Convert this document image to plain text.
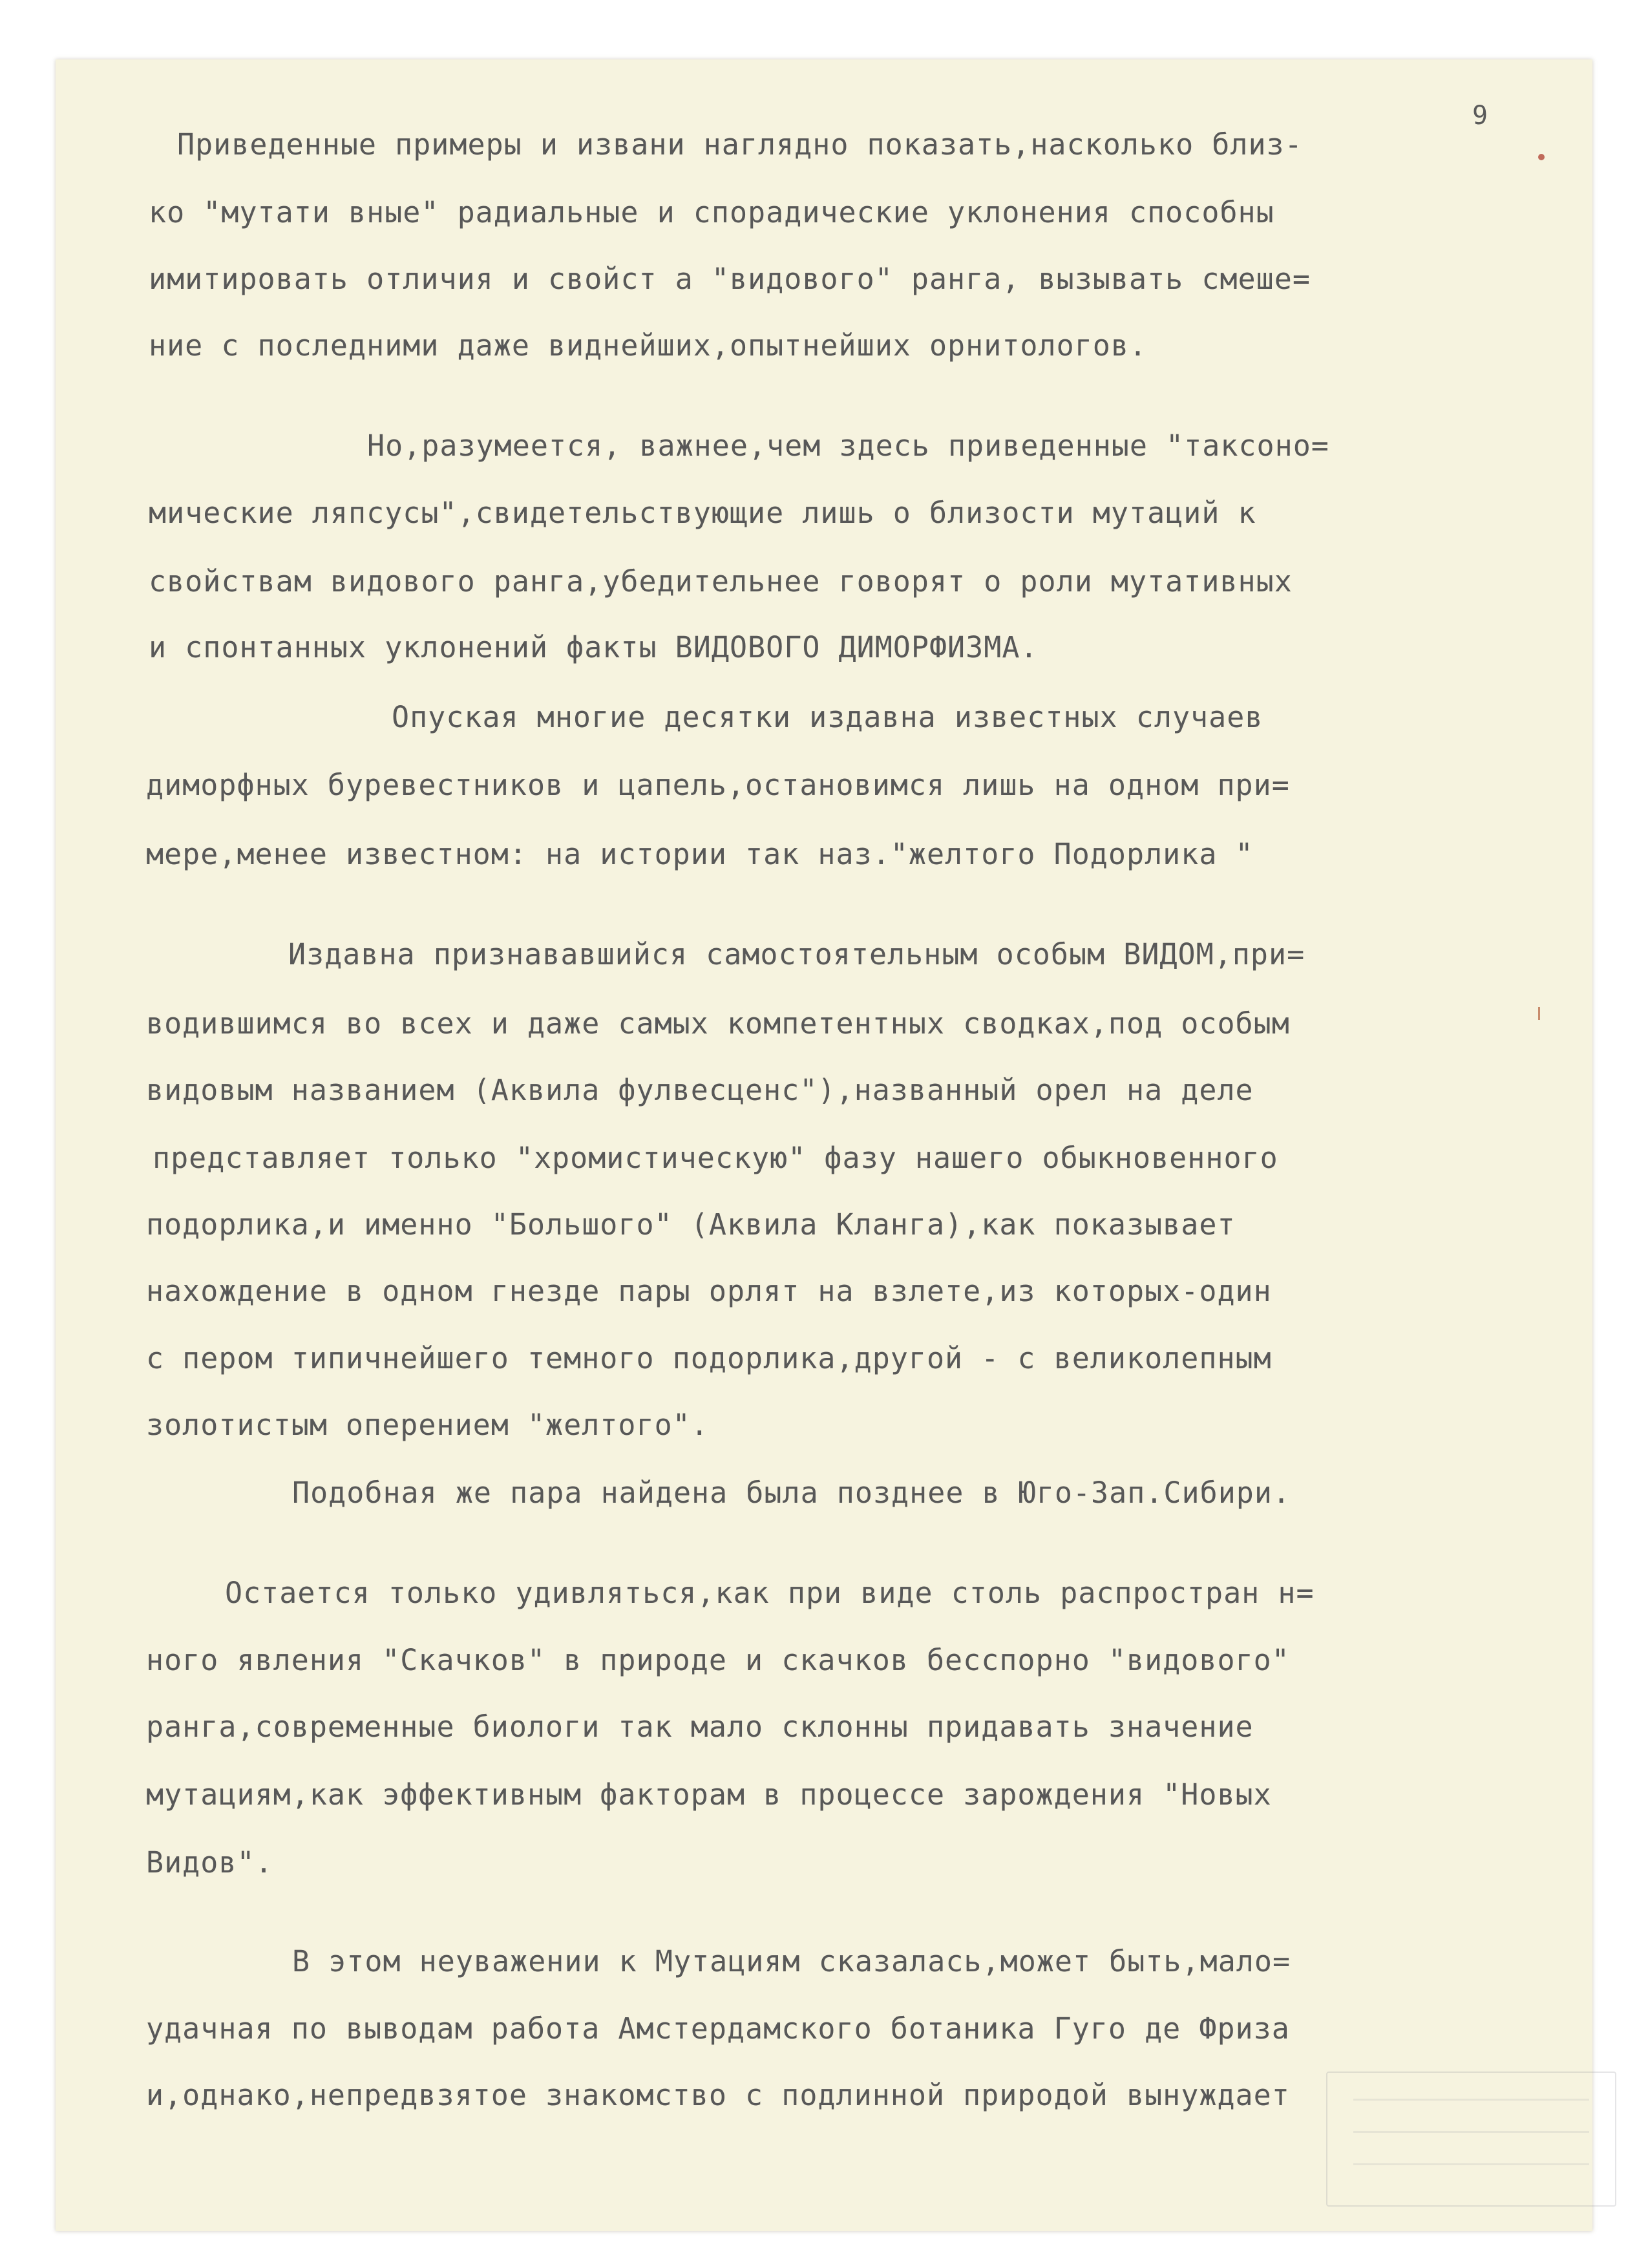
9
Приведенные примеры и извани наглядно показать,насколько близ-
ко "мутати вные" радиальные и спорадические уклонения способны
имитировать отличия и свойст а "видового" ранга, вызывать смеше=
ние с последними даже виднейших,опытнейших орнитологов.
Но,разумеется, важнее,чем здесь приведенные "таксоно=
мические ляпсусы",свидетельствующие лишь о близости мутаций к
свойствам видового ранга,убедительнее говорят о роли мутативных
и спонтанных уклонений факты ВИДОВОГО ДИМОРФИЗМА.
Опуская многие десятки издавна известных случаев
диморфных буревестников и цапель,остановимся лишь на одном при=
мере,менее известном: на истории так наз."желтого Подорлика "
Издавна признававшийся самостоятельным особым ВИДОМ,при=
водившимся во всех и даже самых компетентных сводках,под особым
видовым названием (Аквила фулвесценс"),названный орел на деле
представляет только "хромистическую" фазу нашего обыкновенного
подорлика,и именно "Большого" (Аквила Кланга),как показывает
нахождение в одном гнезде пары орлят на взлете,из которых-один
с пером типичнейшего темного подорлика,другой - с великолепным
золотистым оперением "желтого".
Подобная же пара найдена была позднее в Юго-Зап.Сибири.
Остается только удивляться,как при виде столь распростран н=
ного явления "Скачков" в природе и скачков бесспорно "видового"
ранга,современные биологи так мало склонны придавать значение
мутациям,как эффективным факторам в процессе зарождения "Новых
Видов".
В этом неуважении к Мутациям сказалась,может быть,мало=
удачная по выводам работа Амстердамского ботаника Гуго де Фриза
и,однако,непредвзятое знакомство с подлинной природой вынуждает
